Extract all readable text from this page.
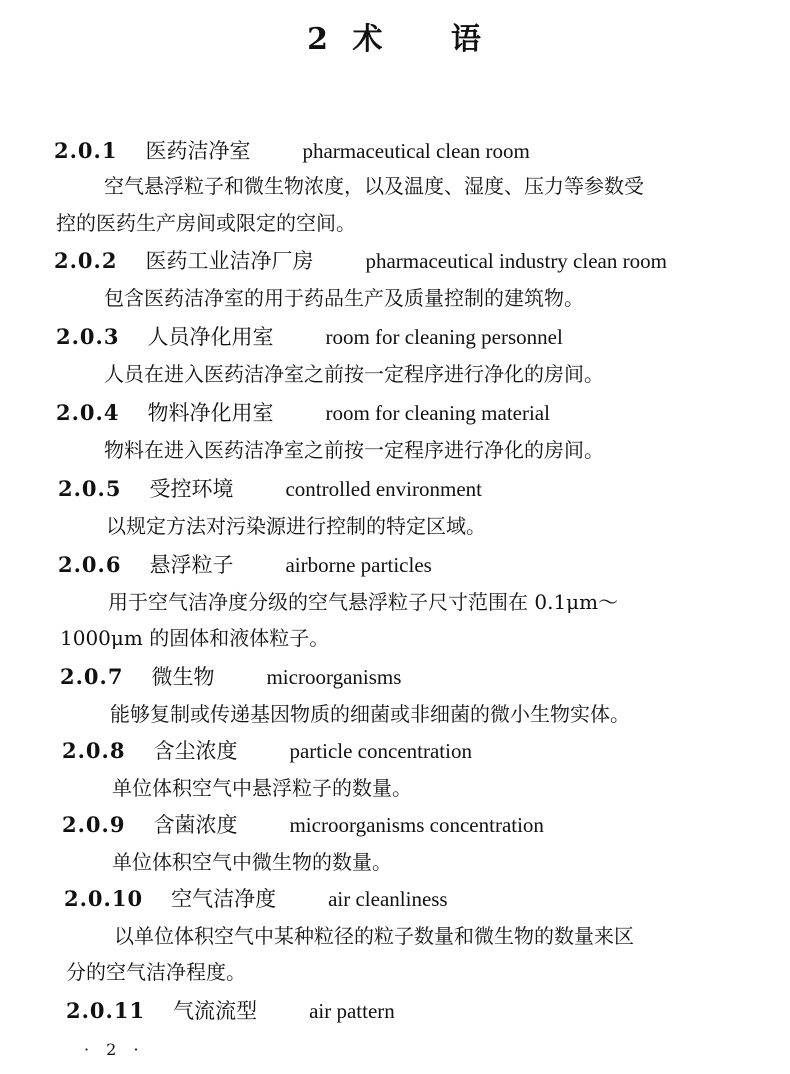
2 术 语
2.0.1 医药洁净室 pharmaceutical clean room
空气悬浮粒子和微生物浓度，以及温度、湿度、压力等参数受
控的医药生产房间或限定的空间。
2.0.2 医药工业洁净厂房 pharmaceutical industry clean room
包含医药洁净室的用于药品生产及质量控制的建筑物。
2.0.3 人员净化用室 room for cleaning personnel
人员在进入医药洁净室之前按一定程序进行净化的房间。
2.0.4 物料净化用室 room for cleaning material
物料在进入医药洁净室之前按一定程序进行净化的房间。
2.0.5 受控环境 controlled environment
以规定方法对污染源进行控制的特定区域。
2.0.6 悬浮粒子 airborne particles
用于空气洁净度分级的空气悬浮粒子尺寸范围在 0.1μm～
1000μm 的固体和液体粒子。
2.0.7 微生物 microorganisms
能够复制或传递基因物质的细菌或非细菌的微小生物实体。
2.0.8 含尘浓度 particle concentration
单位体积空气中悬浮粒子的数量。
2.0.9 含菌浓度 microorganisms concentration
单位体积空气中微生物的数量。
2.0.10 空气洁净度 air cleanliness
以单位体积空气中某种粒径的粒子数量和微生物的数量来区
分的空气洁净程度。
2.0.11 气流流型 air pattern
· 2 ·
